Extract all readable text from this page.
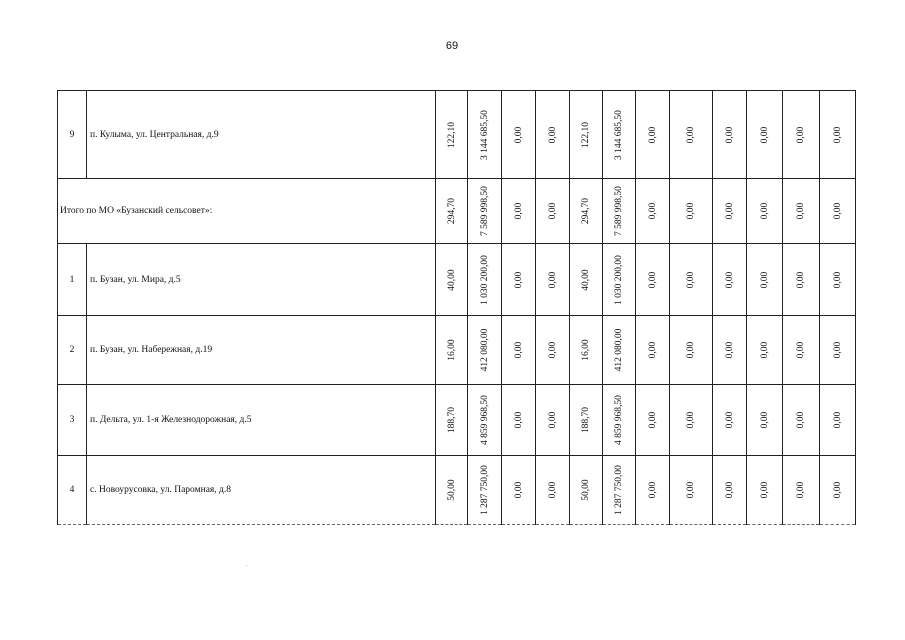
69
9	п. Кулыма, ул. Центральная, д.9	122,10	3 144 685,50	0,00	0,00	122,10	3 144 685,50	0,00	0,00	0,00	0,00	0,00	0,00

Итого по МО «Бузанский сельсовет»:		294,70	7 589 998,50	0,00	0,00	294,70	7 589 998,50	0,00	0,00	0,00	0,00	0,00	0,00

1	п. Бузан, ул. Мира, д.5	40,00	1 030 200,00	0,00	0,00	40,00	1 030 200,00	0,00	0,00	0,00	0,00	0,00	0,00

2	п. Бузан, ул. Набережная, д.19	16,00	412 080,00	0,00	0,00	16,00	412 080,00	0,00	0,00	0,00	0,00	0,00	0,00

3	п. Дельта, ул. 1-я Железнодорожная, д.5	188,70	4 859 968,50	0,00	0,00	188,70	4 859 968,50	0,00	0,00	0,00	0,00	0,00	0,00

4	с. Новоурусовка, ул. Паромная, д.8	50,00	1 287 750,00	0,00	0,00	50,00	1 287 750,00	0,00	0,00	0,00	0,00	0,00	0,00
